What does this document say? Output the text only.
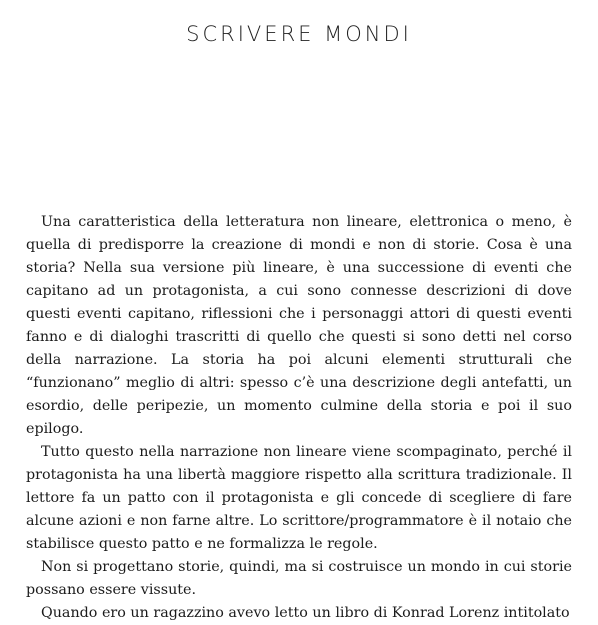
SCRIVERE MONDI

Una caratteristica della letteratura non lineare, elettronica o meno, è quella di predisporre la creazione di mondi e non di storie. Cosa è una storia? Nella sua versione più lineare, è una successione di eventi che capitano ad un protagonista, a cui sono connesse descrizioni di dove questi eventi capitano, riflessioni che i personaggi attori di questi eventi fanno e di dialoghi trascritti di quello che questi si sono detti nel corso della narrazione. La storia ha poi alcuni elementi strutturali che “funzionano” meglio di altri: spesso c’è una descrizione degli antefatti, un esordio, delle peripezie, un momento culmine della storia e poi il suo epilogo.

Tutto questo nella narrazione non lineare viene scompaginato, perché il protagonista ha una libertà maggiore rispetto alla scrittura tradizionale. Il lettore fa un patto con il protagonista e gli concede di scegliere di fare alcune azioni e non farne altre. Lo scrittore/programmatore è il notaio che stabilisce questo patto e ne formalizza le regole.

Non si progettano storie, quindi, ma si costruisce un mondo in cui storie possano essere vissute.

Quando ero un ragazzino avevo letto un libro di Konrad Lorenz intitolato
